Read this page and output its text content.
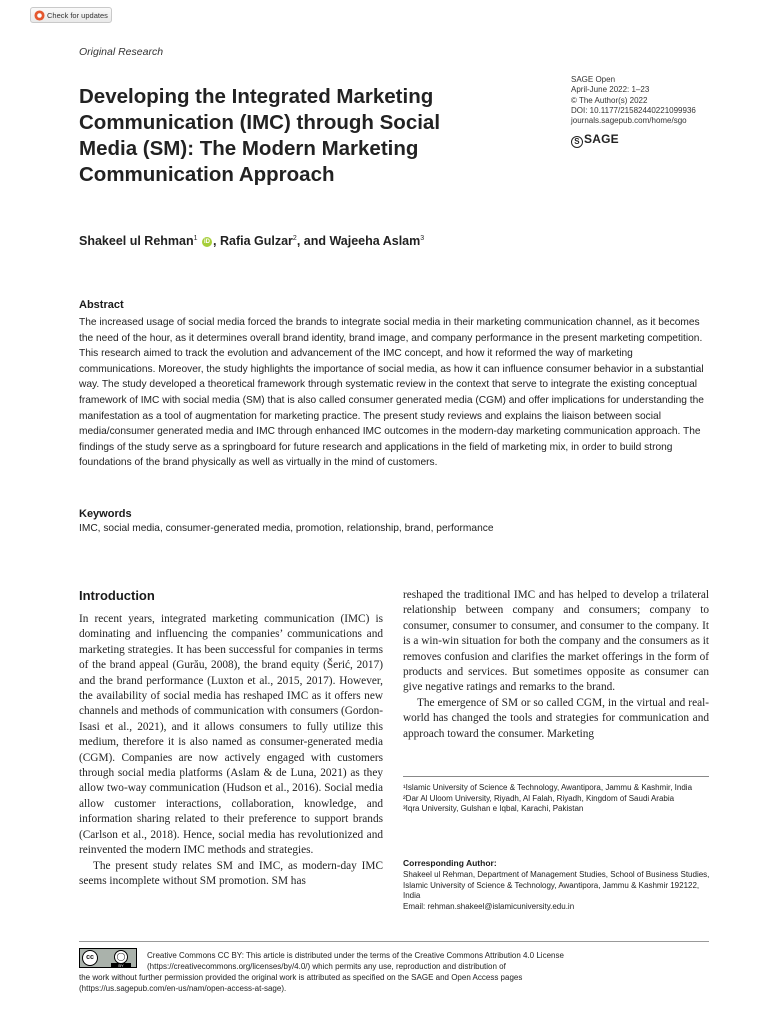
Check for updates
Original Research
Developing the Integrated Marketing Communication (IMC) through Social Media (SM): The Modern Marketing Communication Approach
SAGE Open
April-June 2022: 1–23
© The Author(s) 2022
DOI: 10.1177/21582440221099936
journals.sagepub.com/home/sgo
S SAGE
Shakeel ul Rehman$^1$ iD , Rafia Gulzar$^2$, and Wajeeha Aslam$^3$
Abstract
The increased usage of social media forced the brands to integrate social media in their marketing communication channel, as it becomes the need of the hour, as it determines overall brand identity, brand image, and company performance in the present marketing competition. This research aimed to track the evolution and advancement of the IMC concept, and how it reformed the way of marketing communications. Moreover, the study highlights the importance of social media, as how it can influence consumer behavior in a substantial way. The study developed a theoretical framework through systematic review in the context that serve to integrate the existing conceptual framework of IMC with social media (SM) that is also called consumer generated media (CGM) and offer implications for understanding the manifestation as a tool of augmentation for marketing practice. The present study reviews and explains the liaison between social media/consumer generated media and IMC through enhanced IMC outcomes in the modern-day marketing communication approach. The findings of the study serve as a springboard for future research and applications in the field of marketing mix, in order to build strong foundations of the brand physically as well as virtually in the mind of customers.
Keywords
IMC, social media, consumer-generated media, promotion, relationship, brand, performance
Introduction

In recent years, integrated marketing communication (IMC) is dominating and influencing the companies’ communications and marketing strategies. It has been successful for companies in terms of the brand appeal (Gurău, 2008), the brand equity (Šerić, 2017) and the brand performance (Luxton et al., 2015, 2017). However, the availability of social media has reshaped IMC as it offers new channels and methods of communication with consumers (Gordon-Isasi et al., 2021), and it allows consumers to fully utilize this medium, therefore it is also named as consumer-generated media (CGM). Companies are now actively engaged with customers through social media platforms (Aslam & de Luna, 2021) as they allow two-way communication (Hudson et al., 2016). Social media allow customer interactions, collaboration, knowledge, and information sharing related to their preference to support brands (Carlson et al., 2018). Hence, social media has revolutionized and reinvented the modern IMC methods and strategies.

The present study relates SM and IMC, as modern-day IMC seems incomplete without SM promotion. SM has

reshaped the traditional IMC and has helped to develop a trilateral relationship between company and consumers; company to consumer, consumer to consumer, and consumer to the company. It is a win-win situation for both the company and the consumers as it removes confusion and clarifies the market offerings in the form of products and services. But sometimes opposite as consumer can give negative ratings and remarks to the brand.

The emergence of SM or so called CGM, in the virtual and real-world has changed the tools and strategies for communication and approach toward the consumer. Marketing

¹Islamic University of Science & Technology, Awantipora, Jammu & Kashmir, India

²Dar Al Uloom University, Riyadh, Al Falah, Riyadh, Kingdom of Saudi Arabia

³Iqra University, Gulshan e Iqbal, Karachi, Pakistan

Corresponding Author:

Shakeel ul Rehman, Department of Management Studies, School of Business Studies, Islamic University of Science & Technology, Awantipora, Jammu & Kashmir 192122, India

Email: rehman.shakeel@islamicuniversity.edu.in

cc	◯
BY
Creative Commons CC BY: This article is distributed under the terms of the Creative Commons Attribution 4.0 License
(https://creativecommons.org/licenses/by/4.0/) which permits any use, reproduction and distribution of
the work without further permission provided the original work is attributed as specified on the SAGE and Open Access pages
(https://us.sagepub.com/en-us/nam/open-access-at-sage).
